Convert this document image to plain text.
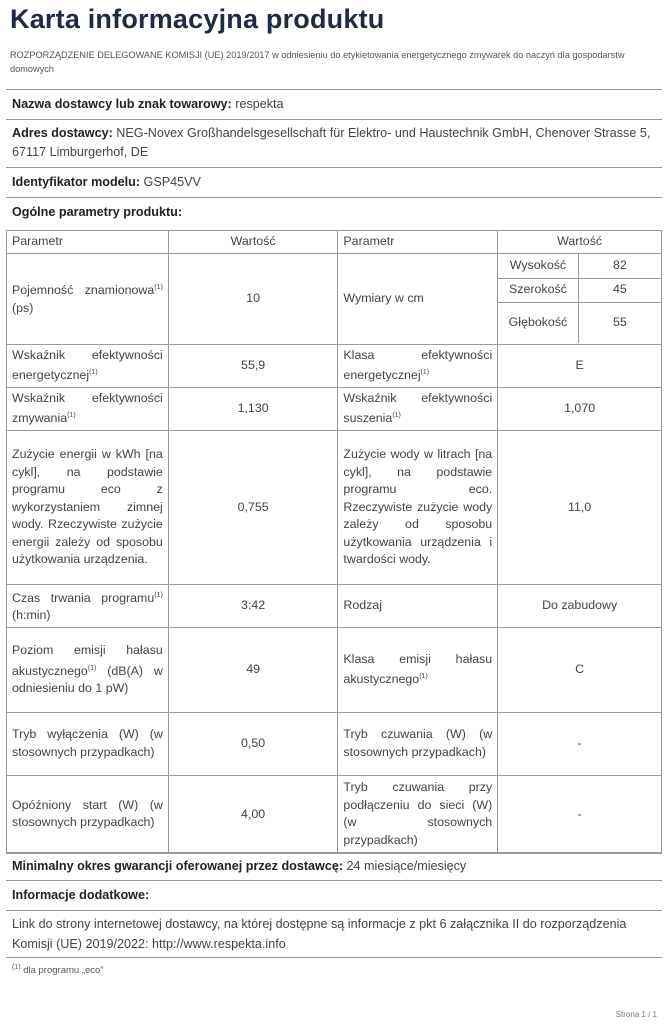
Karta informacyjna produktu
ROZPORZĄDZENIE DELEGOWANE KOMISJI (UE) 2019/2017 w odniesieniu do etykietowania energetycznego zmywarek do naczyń dla gospodarstw domowych
Nazwa dostawcy lub znak towarowy: respekta
Adres dostawcy: NEG-Novex Großhandelsgesellschaft für Elektro- und Haustechnik GmbH, Chenover Strasse 5, 67117 Limburgerhof, DE
Identyfikator modelu: GSP45VV
Ogólne parametry produktu:
Parametr	Wartość	Parametr	Wartość
Pojemność znamionowa$^{(1)}$ (ps)	10	Wymiary w cm	
Wysokość	82
Szerokość	45
Głębokość	55

Wskaźnik efektywności energetycznej$^{(1)}$	55,9	Klasa efektywności energetycznej$^{(1)}$	E
Wskaźnik efektywności zmywania$^{(1)}$	1,130	Wskaźnik efektywności suszenia$^{(1)}$	1,070
Zużycie energii w kWh [na cykl], na podstawie programu eco z wykorzystaniem zimnej wody. Rzeczywiste zużycie energii zależy od sposobu użytkowania urządzenia.	0,755	Zużycie wody w litrach [na cykl], na podstawie programu eco. Rzeczywiste zużycie wody zależy od sposobu użytkowania urządzenia i twardości wody.	11,0
Czas trwania programu$^{(1)}$ (h:min)	3:42	Rodzaj	Do zabudowy
Poziom emisji hałasu akustycznego$^{(1)}$ (dB(A) w odniesieniu do 1 pW)	49	Klasa emisji hałasu akustycznego$^{(1)}$	C
Tryb wyłączenia (W) (w stosownych przypadkach)	0,50	Tryb czuwania (W) (w stosownych przypadkach)	-
Opóźniony start (W) (w stosownych przypadkach)	4,00	Tryb czuwania przy podłączeniu do sieci (W) (w stosownych przypadkach)	-
Minimalny okres gwarancji oferowanej przez dostawcę: 24 miesiące/miesięcy
Informacje dodatkowe:
Link do strony internetowej dostawcy, na której dostępne są informacje z pkt 6 załącznika II do rozporządzenia Komisji (UE) 2019/2022: http://www.respekta.info
$^{(1)}$ dla programu „eco”
Strona 1 / 1
